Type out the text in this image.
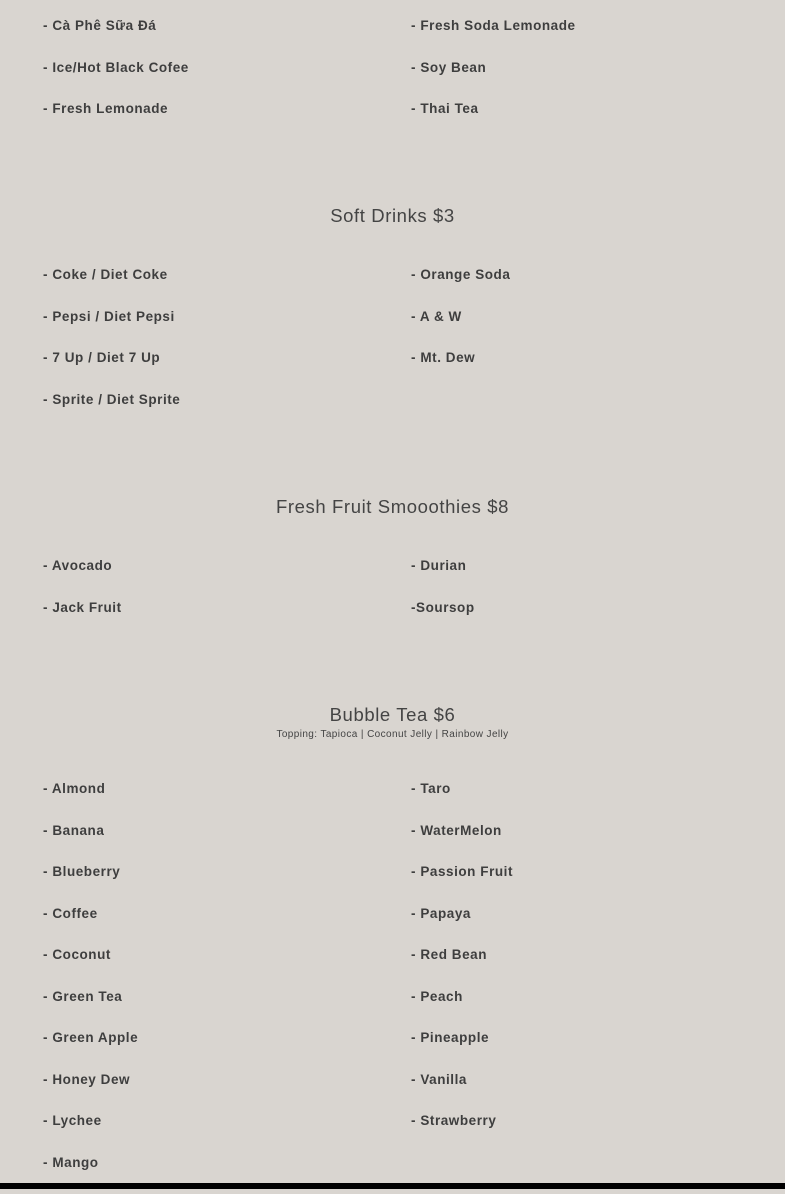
- Cà Phê Sữa Đá
- Ice/Hot Black Cofee
- Fresh Lemonade
- Fresh Soda Lemonade
- Soy Bean
- Thai Tea
Soft Drinks $3
- Coke / Diet Coke
- Pepsi / Diet Pepsi
- 7 Up / Diet 7 Up
- Sprite / Diet Sprite
- Orange Soda
- A & W
- Mt. Dew
Fresh Fruit Smooothies $8
- Avocado
- Jack Fruit
- Durian
-Soursop
Bubble Tea $6
Topping: Tapioca | Coconut Jelly | Rainbow Jelly
- Almond
- Banana
- Blueberry
- Coffee
- Coconut
- Green Tea
- Green Apple
- Honey Dew
- Lychee
- Mango
- Taro
- WaterMelon
- Passion Fruit
- Papaya
- Red Bean
- Peach
- Pineapple
- Vanilla
- Strawberry
